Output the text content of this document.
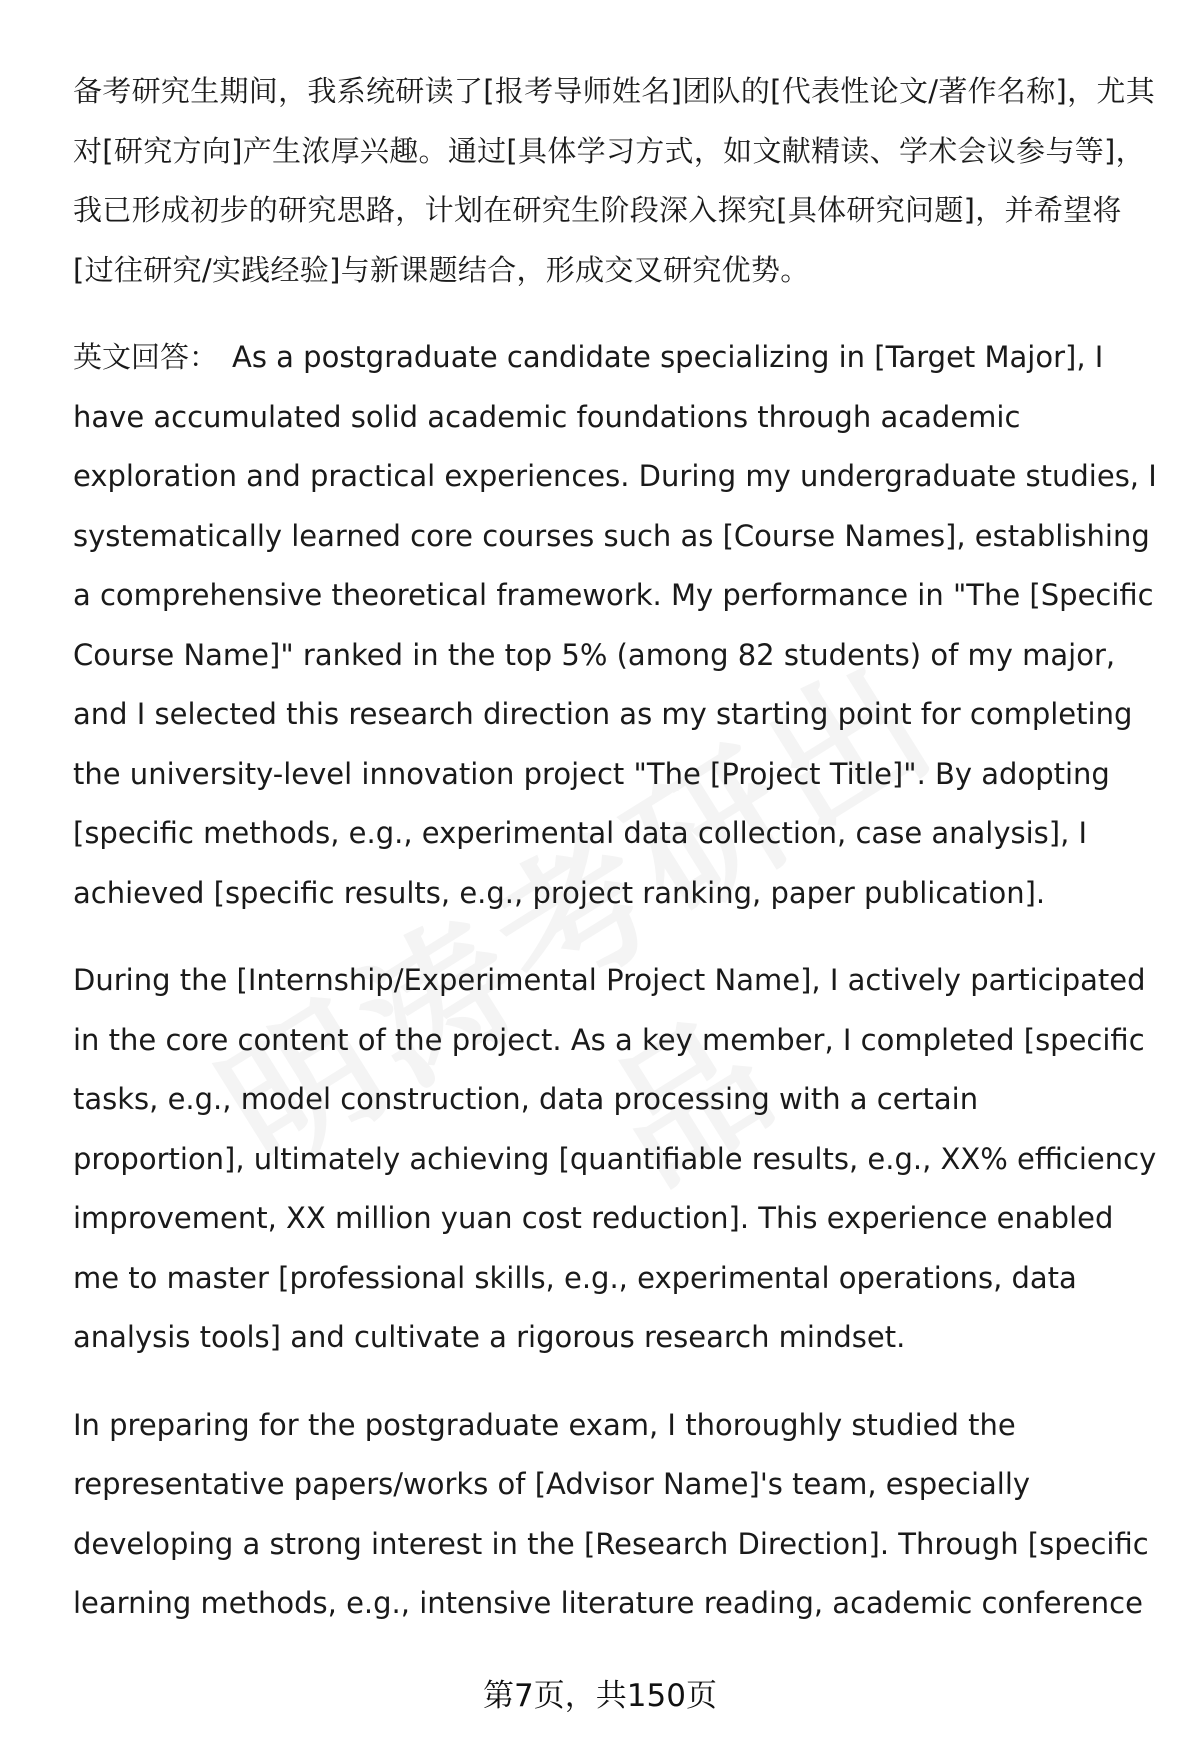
备考研究生期间，我系统研读了[报考导师姓名]团队的[代表性论文/著作名称]，尤其对[研究方向]产生浓厚兴趣。通过[具体学习方式，如文献精读、学术会议参与等]，我已形成初步的研究思路，计划在研究生阶段深入探究[具体研究问题]，并希望将[过往研究/实践经验]与新课题结合，形成交叉研究优势。

英文回答： As a postgraduate candidate specializing in [Target Major], I have accumulated solid academic foundations through academic exploration and practical experiences. During my undergraduate studies, I systematically learned core courses such as [Course Names], establishing a comprehensive theoretical framework. My performance in "The [Specific Course Name]" ranked in the top 5% (among 82 students) of my major, and I selected this research direction as my starting point for completing the university-level innovation project "The [Project Title]". By adopting [specific methods, e.g., experimental data collection, case analysis], I achieved [specific results, e.g., project ranking, paper publication].

During the [Internship/Experimental Project Name], I actively participated in the core content of the project. As a key member, I completed [specific tasks, e.g., model construction, data processing with a certain proportion], ultimately achieving [quantifiable results, e.g., XX% efficiency improvement, XX million yuan cost reduction]. This experience enabled me to master [professional skills, e.g., experimental operations, data analysis tools] and cultivate a rigorous research mindset.

In preparing for the postgraduate exam, I thoroughly studied the representative papers/works of [Advisor Name]'s team, especially developing a strong interest in the [Research Direction]. Through [specific learning methods, e.g., intensive literature reading, academic conference

第7页，共150页
